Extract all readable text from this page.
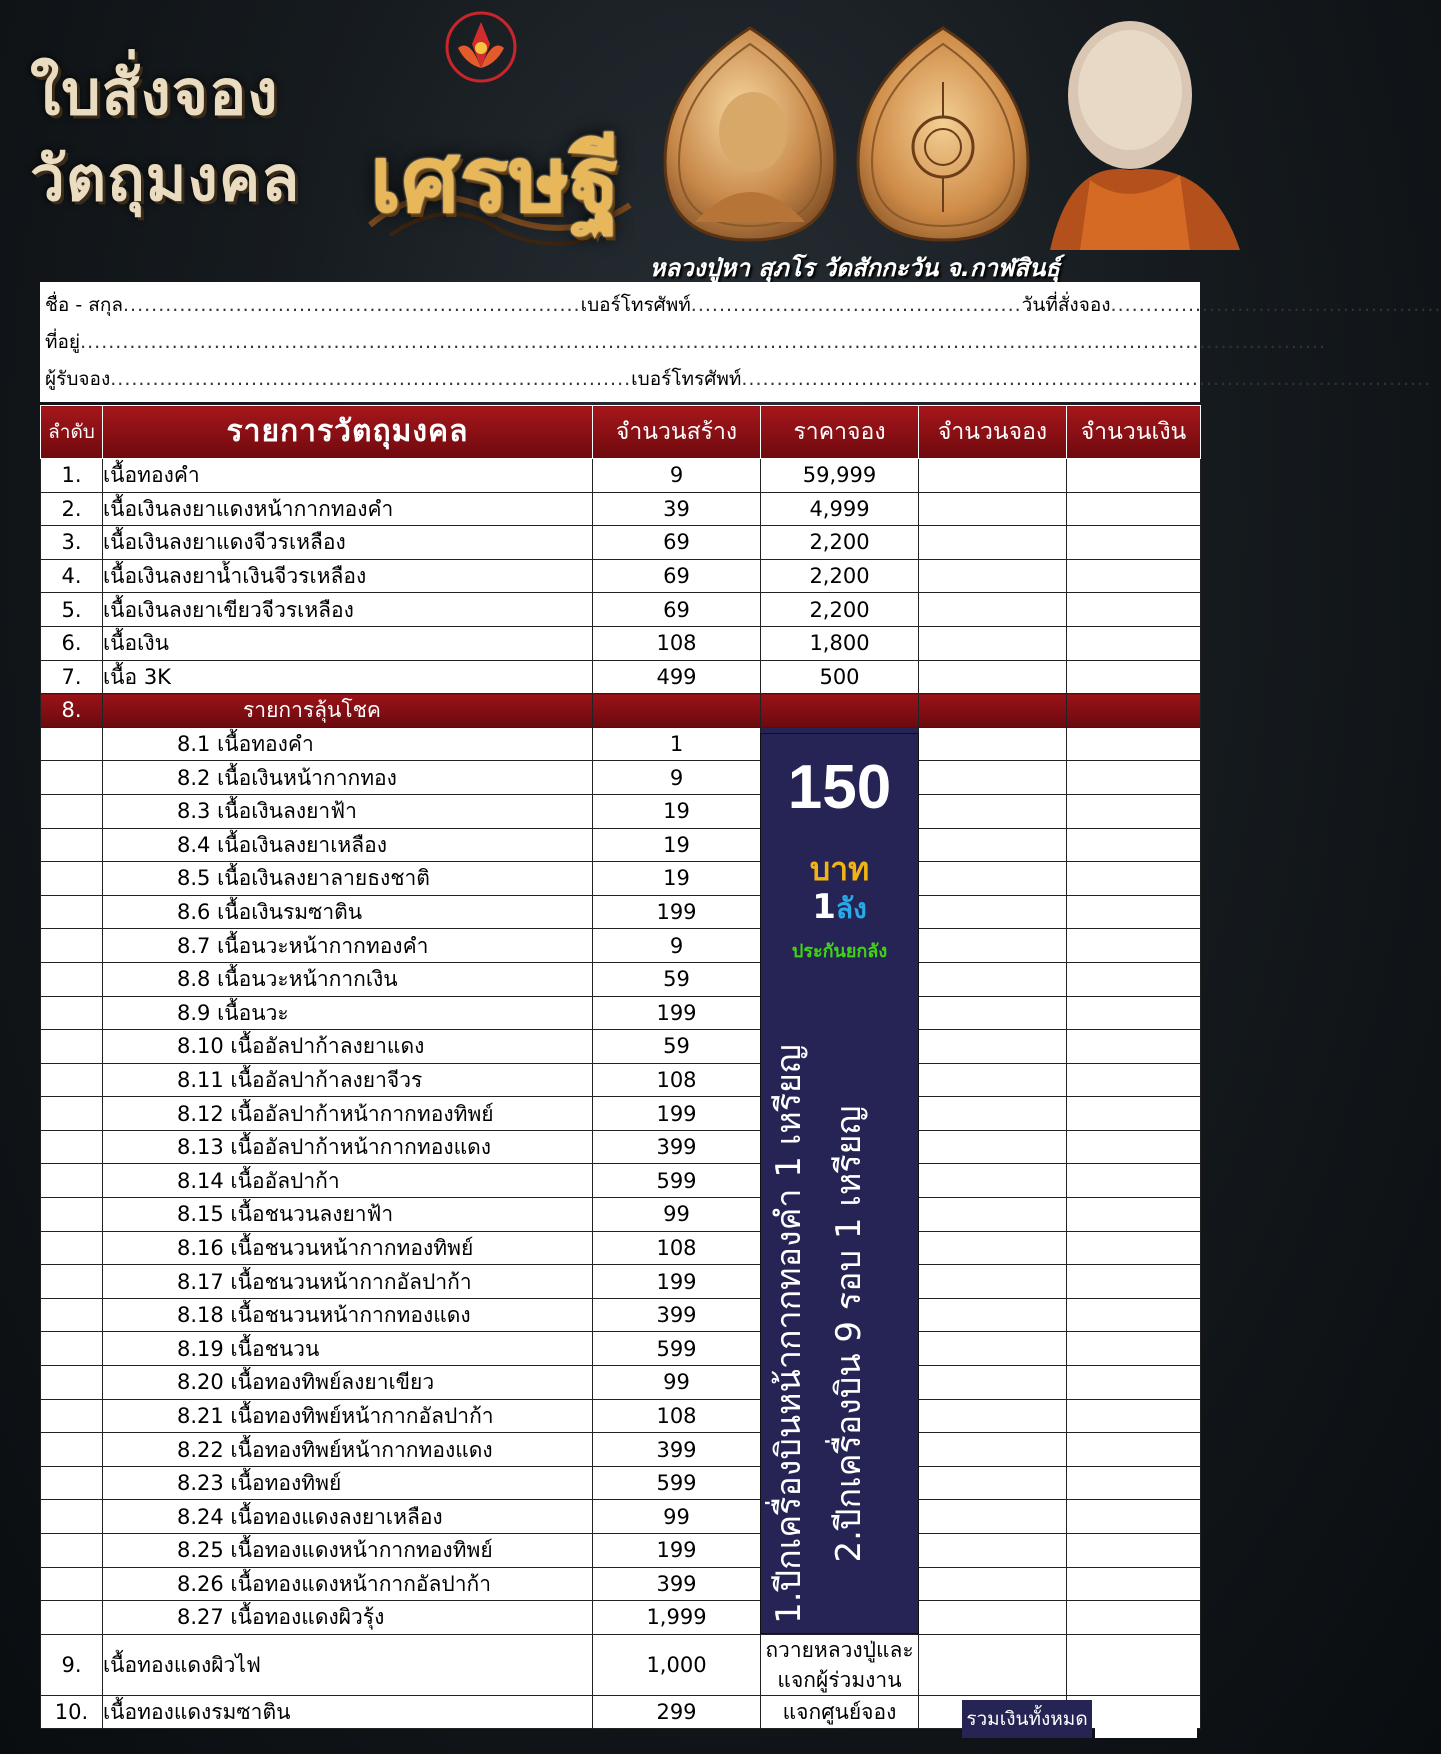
ใบสั่งจอง
วัตถุมงคล เศรษฐี
หลวงปู่หา สุภโร วัดสักกะวัน จ.กาฬสินธุ์
ชื่อ - สกุล.................................................................เบอร์โทรศัพท์...............................................วันที่สั่งจอง...............................................
ที่อยู่.................................................................................................................................................................................
ผู้รับจอง..........................................................................เบอร์โทรศัพท์..................................................................................................
ลำดับ	รายการวัตถุมงคล	จำนวนสร้าง	ราคาจอง	จำนวนจอง	จำนวนเงิน
1.	เนื้อทองคำ	9	59,999		
2.	เนื้อเงินลงยาแดงหน้ากากทองคำ	39	4,999		
3.	เนื้อเงินลงยาแดงจีวรเหลือง	69	2,200		
4.	เนื้อเงินลงยาน้ำเงินจีวรเหลือง	69	2,200		
5.	เนื้อเงินลงยาเขียวจีวรเหลือง	69	2,200		
6.	เนื้อเงิน	108	1,800		
7.	เนื้อ 3K	499	500		
8.	รายการลุ้นโชค				
	8.1 เนื้อทองคำ	1			
	8.2 เนื้อเงินหน้ากากทอง	9			
	8.3 เนื้อเงินลงยาฟ้า	19			
	8.4 เนื้อเงินลงยาเหลือง	19			
	8.5 เนื้อเงินลงยาลายธงชาติ	19			
	8.6 เนื้อเงินรมซาติน	199			
	8.7 เนื้อนวะหน้ากากทองคำ	9			
	8.8 เนื้อนวะหน้ากากเงิน	59			
	8.9 เนื้อนวะ	199			
	8.10 เนื้ออัลปาก้าลงยาแดง	59			
	8.11 เนื้ออัลปาก้าลงยาจีวร	108			
	8.12 เนื้ออัลปาก้าหน้ากากทองทิพย์	199			
	8.13 เนื้ออัลปาก้าหน้ากากทองแดง	399			
	8.14 เนื้ออัลปาก้า	599			
	8.15 เนื้อชนวนลงยาฟ้า	99			
	8.16 เนื้อชนวนหน้ากากทองทิพย์	108			
	8.17 เนื้อชนวนหน้ากากอัลปาก้า	199			
	8.18 เนื้อชนวนหน้ากากทองแดง	399			
	8.19 เนื้อชนวน	599			
	8.20 เนื้อทองทิพย์ลงยาเขียว	99			
	8.21 เนื้อทองทิพย์หน้ากากอัลปาก้า	108			
	8.22 เนื้อทองทิพย์หน้ากากทองแดง	399			
	8.23 เนื้อทองทิพย์	599			
	8.24 เนื้อทองแดงลงยาเหลือง	99			
	8.25 เนื้อทองแดงหน้ากากทองทิพย์	199			
	8.26 เนื้อทองแดงหน้ากากอัลปาก้า	399			
	8.27 เนื้อทองแดงผิวรุ้ง	1,999			
9.	เนื้อทองแดงผิวไฟ	1,000	ถวายหลวงปู่และแจกผู้ร่วมงาน		
10.	เนื้อทองแดงรมซาติน	299	แจกศูนย์จอง		
150
บาท
1ลัง
ประกันยกลัง
1.ปีกเครื่องบินหน้ากากทองคำ 1 เหรียญ 2.ปีกเครื่องบิน 9 รอบ 1 เหรียญ
รวมเงินทั้งหมด
